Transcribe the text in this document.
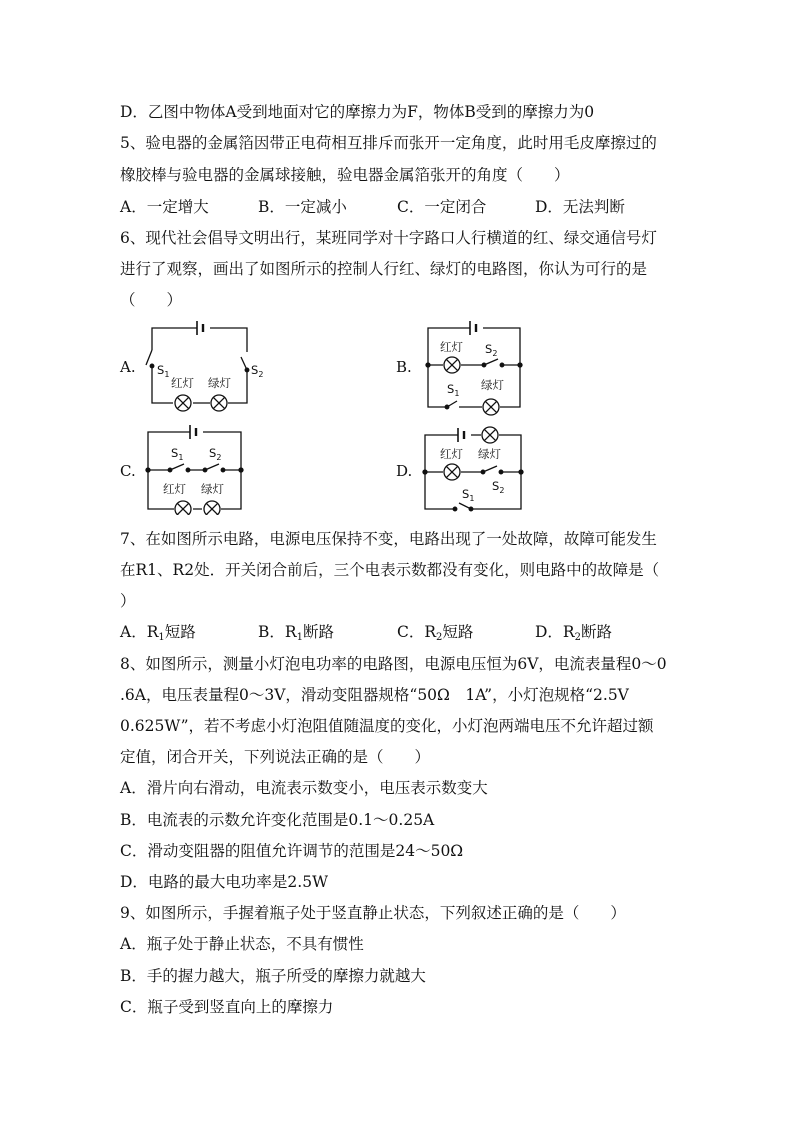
D．乙图中物体A受到地面对它的摩擦力为F，物体B受到的摩擦力为0
5、验电器的金属箔因带正电荷相互排斥而张开一定角度，此时用毛皮摩擦过的
橡胶棒与验电器的金属球接触，验电器金属箔张开的角度（　　）
A．一定增大	B．一定减小	C．一定闭合	D．无法判断
6、现代社会倡导文明出行，某班同学对十字路口人行横道的红、绿交通信号灯
进行了观察，画出了如图所示的控制人行红、绿灯的电路图，你认为可行的是
（　　）
A.	B.
C.	D.
$S_1$	$S_2$
红灯 绿灯
红灯 $S_2$
$S_1$
绿灯
$S_1$ $S_2$
红灯 绿灯
红灯 绿灯
$S_2$
$S_1$
7、在如图所示电路，电源电压保持不变，电路出现了一处故障，故障可能发生
在R1、R2处．开关闭合前后，三个电表示数都没有变化，则电路中的故障是（
）
A．$R_1$短路	B．$R_1$断路	C．$R_2$短路	D．$R_2$断路
8、如图所示，测量小灯泡电功率的电路图，电源电压恒为6V，电流表量程0～0
.6A，电压表量程0～3V，滑动变阻器规格“50Ω　1A”，小灯泡规格“2.5V
0.625W”，若不考虑小灯泡阻值随温度的变化，小灯泡两端电压不允许超过额
定值，闭合开关，下列说法正确的是（　　）
A．滑片向右滑动，电流表示数变小，电压表示数变大
B．电流表的示数允许变化范围是0.1～0.25A
C．滑动变阻器的阻值允许调节的范围是24～50Ω
D．电路的最大电功率是2.5W
9、如图所示，手握着瓶子处于竖直静止状态，下列叙述正确的是（　　）
A．瓶子处于静止状态，不具有惯性
B．手的握力越大，瓶子所受的摩擦力就越大
C．瓶子受到竖直向上的摩擦力
